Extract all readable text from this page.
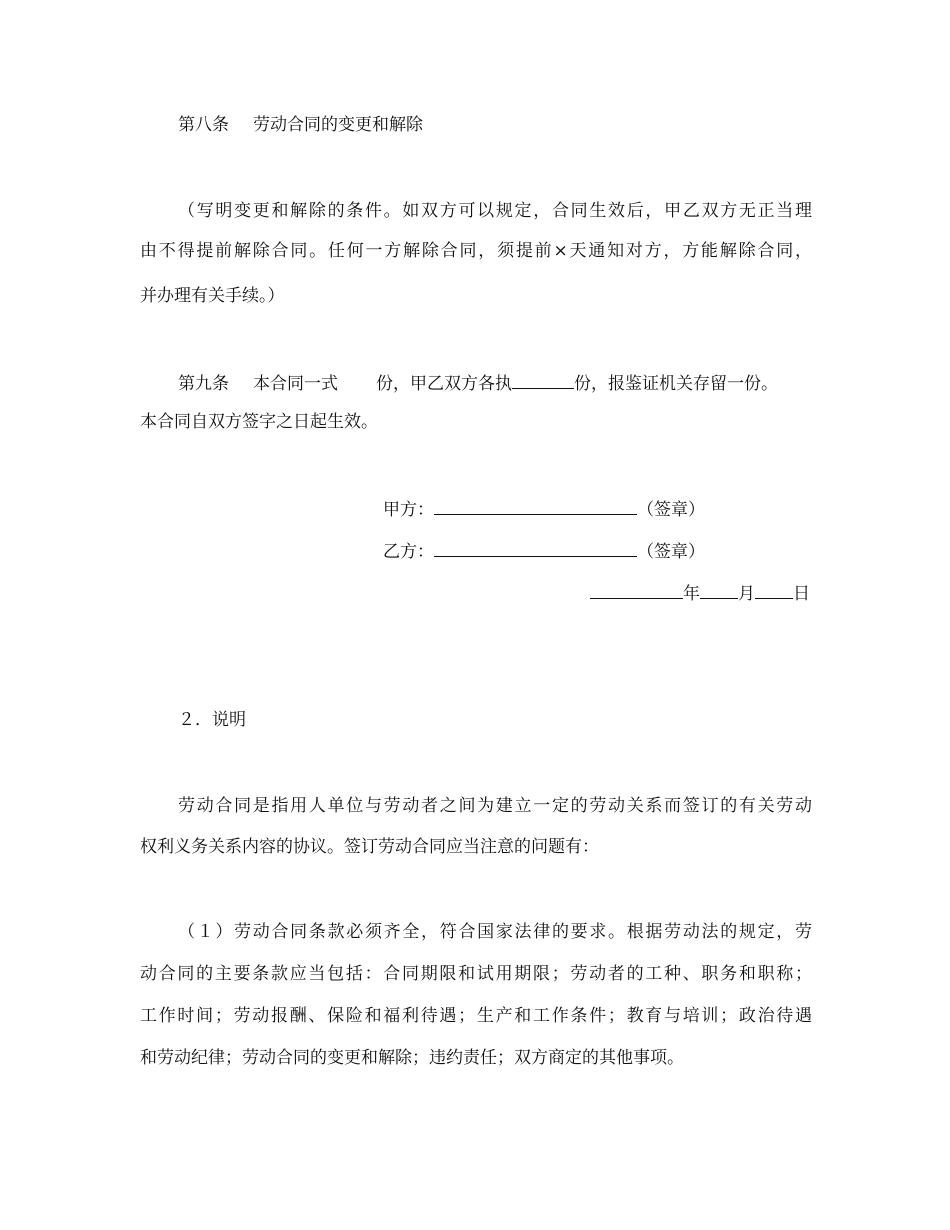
第八条 劳动合同的变更和解除
（写明变更和解除的条件。如双方可以规定，合同生效后，甲乙双方无正当理
由不得提前解除合同。任何一方解除合同，须提前×天通知对方，方能解除合同，
并办理有关手续。）
第九条 本合同一式 份，甲乙双方各执	份，报鉴证机关存留一份。
本合同自双方签字之日起生效。
甲方：	（签章）
乙方：	（签章）
年 月 日
２．说明
劳动合同是指用人单位与劳动者之间为建立一定的劳动关系而签订的有关劳动
权利义务关系内容的协议。签订劳动合同应当注意的问题有：
（１）劳动合同条款必须齐全，符合国家法律的要求。根据劳动法的规定，劳
动合同的主要条款应当包括：合同期限和试用期限；劳动者的工种、职务和职称；
工作时间；劳动报酬、保险和福利待遇；生产和工作条件；教育与培训；政治待遇
和劳动纪律；劳动合同的变更和解除；违约责任；双方商定的其他事项。
